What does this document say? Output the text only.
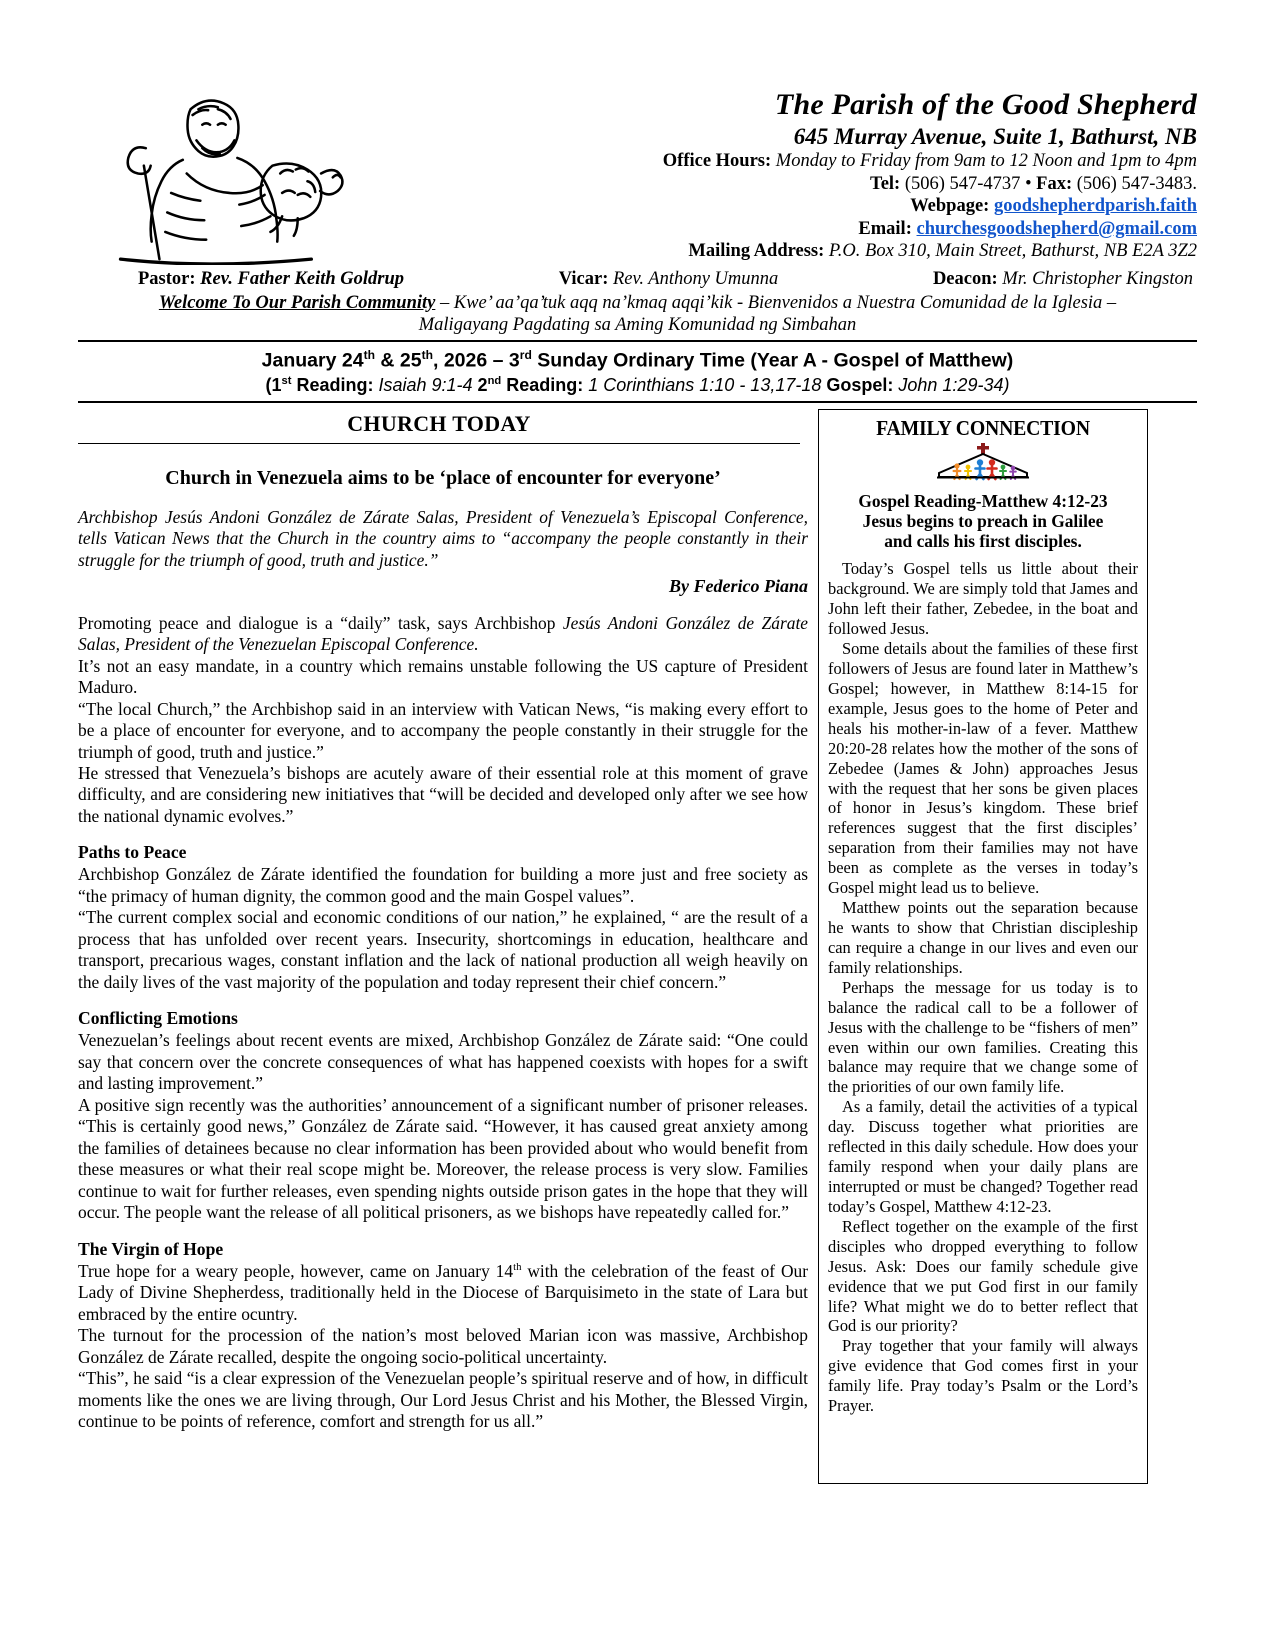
The Parish of the Good Shepherd
645 Murray Avenue, Suite 1, Bathurst, NB
Office Hours: Monday to Friday from 9am to 12 Noon and 1pm to 4pm
Tel: (506) 547-4737 • Fax: (506) 547-3483.
Webpage: goodshepherdparish.faith
Email: churchesgoodshepherd@gmail.com
Mailing Address: P.O. Box 310, Main Street, Bathurst, NB E2A 3Z2
Pastor: Rev. Father Keith Goldrup	Vicar: Rev. Anthony Umunna	Deacon: Mr. Christopher Kingston
Welcome To Our Parish Community – Kwe’ aa’qa’tuk aqq na’kmaq aqqi’kik - Bienvenidos a Nuestra Comunidad de la Iglesia –
Maligayang Pagdating sa Aming Komunidad ng Simbahan
January 24th & 25th, 2026 – 3rd Sunday Ordinary Time (Year A - Gospel of Matthew)
(1st Reading: Isaiah 9:1-4 2nd Reading: 1 Corinthians 1:10 - 13,17-18 Gospel: John 1:29-34)
CHURCH TODAY
Church in Venezuela aims to be ‘place of encounter for everyone’
Archbishop Jesús Andoni González de Zárate Salas, President of Venezuela’s Episcopal Conference, tells Vatican News that the Church in the country aims to “accompany the people constantly in their struggle for the triumph of good, truth and justice.”
By Federico Piana

Promoting peace and dialogue is a “daily” task, says Archbishop Jesús Andoni González de Zárate Salas, President of the Venezuelan Episcopal Conference.

It’s not an easy mandate, in a country which remains unstable following the US capture of President Maduro.

“The local Church,” the Archbishop said in an interview with Vatican News, “is making every effort to be a place of encounter for everyone, and to accompany the people constantly in their struggle for the triumph of good, truth and justice.”

He stressed that Venezuela’s bishops are acutely aware of their essential role at this moment of grave difficulty, and are considering new initiatives that “will be decided and developed only after we see how the national dynamic evolves.”

Paths to Peace

Archbishop González de Zárate identified the foundation for building a more just and free society as “the primacy of human dignity, the common good and the main Gospel values”.

“The current complex social and economic conditions of our nation,” he explained, “ are the result of a process that has unfolded over recent years. Insecurity, shortcomings in education, healthcare and transport, precarious wages, constant inflation and the lack of national production all weigh heavily on the daily lives of the vast majority of the population and today represent their chief concern.”

Conflicting Emotions

Venezuelan’s feelings about recent events are mixed, Archbishop González de Zárate said: “One could say that concern over the concrete consequences of what has happened coexists with hopes for a swift and lasting improvement.”

A positive sign recently was the authorities’ announcement of a significant number of prisoner releases. “This is certainly good news,” González de Zárate said. “However, it has caused great anxiety among the families of detainees because no clear information has been provided about who would benefit from these measures or what their real scope might be. Moreover, the release process is very slow. Families continue to wait for further releases, even spending nights outside prison gates in the hope that they will occur. The people want the release of all political prisoners, as we bishops have repeatedly called for.”

The Virgin of Hope

True hope for a weary people, however, came on January 14th with the celebration of the feast of Our Lady of Divine Shepherdess, traditionally held in the Diocese of Barquisimeto in the state of Lara but embraced by the entire ocuntry.

The turnout for the procession of the nation’s most beloved Marian icon was massive, Archbishop González de Zárate recalled, despite the ongoing socio-political uncertainty.

“This”, he said “is a clear expression of the Venezuelan people’s spiritual reserve and of how, in difficult moments like the ones we are living through, Our Lord Jesus Christ and his Mother, the Blessed Virgin, continue to be points of reference, comfort and strength for us all.”

FAMILY CONNECTION
Gospel Reading-Matthew 4:12-23
Jesus begins to preach in Galilee
and calls his first disciples.

Today’s Gospel tells us little about their background. We are simply told that James and John left their father, Zebedee, in the boat and followed Jesus.

Some details about the families of these first followers of Jesus are found later in Matthew’s Gospel; however, in Matthew 8:14-15 for example, Jesus goes to the home of Peter and heals his mother-in-law of a fever. Matthew 20:20-28 relates how the mother of the sons of Zebedee (James & John) approaches Jesus with the request that her sons be given places of honor in Jesus’s kingdom. These brief references suggest that the first disciples’ separation from their families may not have been as complete as the verses in today’s Gospel might lead us to believe.

Matthew points out the separation because he wants to show that Christian discipleship can require a change in our lives and even our family relationships.

Perhaps the message for us today is to balance the radical call to be a follower of Jesus with the challenge to be “fishers of men” even within our own families. Creating this balance may require that we change some of the priorities of our own family life.

As a family, detail the activities of a typical day. Discuss together what priorities are reflected in this daily schedule. How does your family respond when your daily plans are interrupted or must be changed? Together read today’s Gospel, Matthew 4:12-23.

Reflect together on the example of the first disciples who dropped everything to follow Jesus. Ask: Does our family schedule give evidence that we put God first in our family life? What might we do to better reflect that God is our priority?

Pray together that your family will always give evidence that God comes first in your family life. Pray today’s Psalm or the Lord’s Prayer.
